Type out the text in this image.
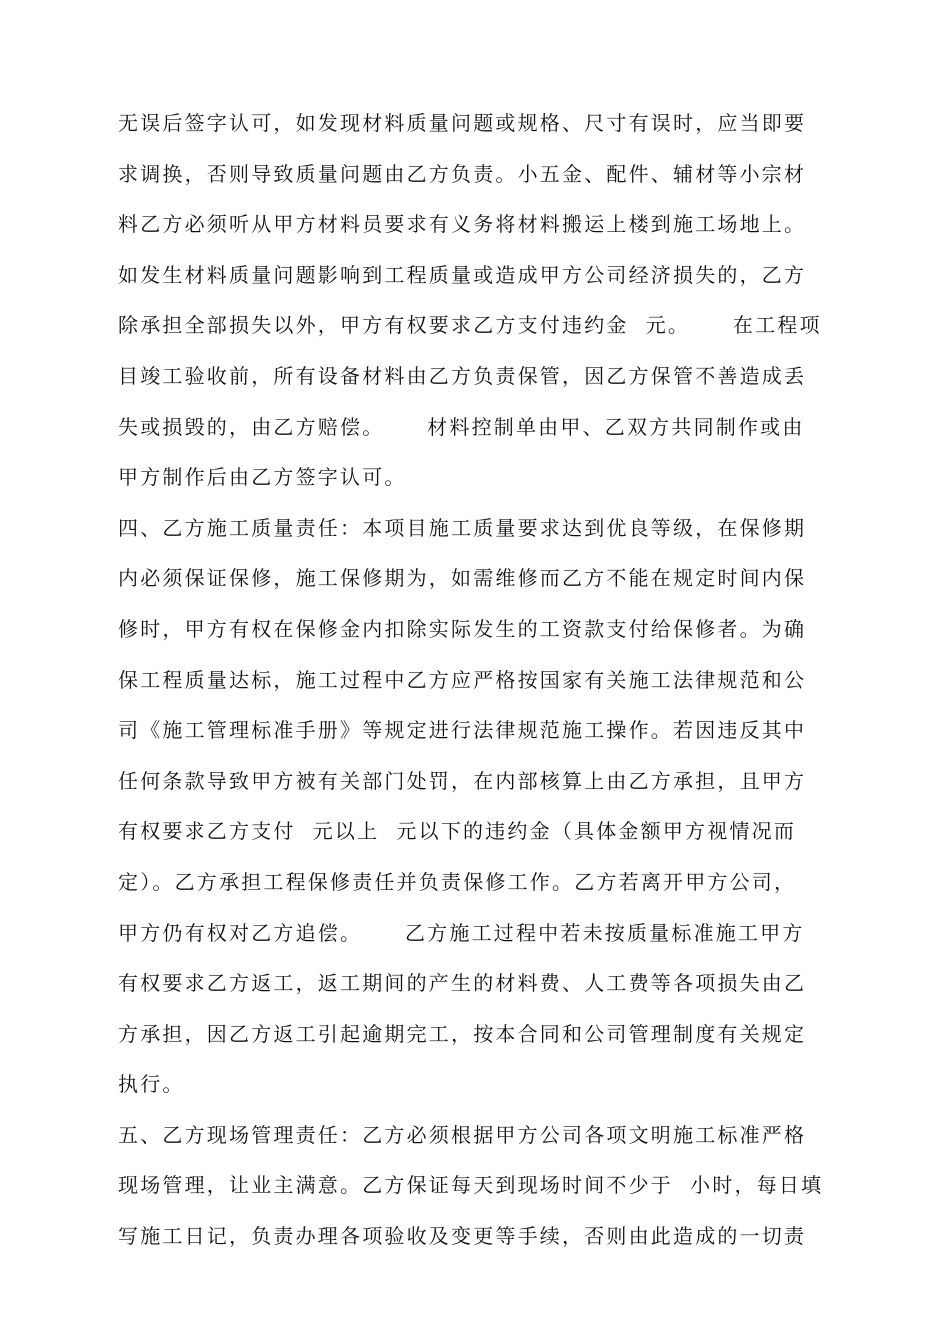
无误后签字认可，如发现材料质量问题或规格、尺寸有误时，应当即要
求调换，否则导致质量问题由乙方负责。小五金、配件、辅材等小宗材
料乙方必须听从甲方材料员要求有义务将材料搬运上楼到施工场地上。
如发生材料质量问题影响到工程质量或造成甲方公司经济损失的，乙方
除承担全部损失以外，甲方有权要求乙方支付违约金  元。     在工程项
目竣工验收前，所有设备材料由乙方负责保管，因乙方保管不善造成丢
失或损毁的，由乙方赔偿。     材料控制单由甲、乙双方共同制作或由
甲方制作后由乙方签字认可。
四、乙方施工质量责任：本项目施工质量要求达到优良等级，在保修期
内必须保证保修，施工保修期为，如需维修而乙方不能在规定时间内保
修时，甲方有权在保修金内扣除实际发生的工资款支付给保修者。为确
保工程质量达标，施工过程中乙方应严格按国家有关施工法律规范和公
司《施工管理标准手册》等规定进行法律规范施工操作。若因违反其中
任何条款导致甲方被有关部门处罚，在内部核算上由乙方承担，且甲方
有权要求乙方支付  元以上  元以下的违约金（具体金额甲方视情况而
定）。乙方承担工程保修责任并负责保修工作。乙方若离开甲方公司，
甲方仍有权对乙方追偿。     乙方施工过程中若未按质量标准施工甲方
有权要求乙方返工，返工期间的产生的材料费、人工费等各项损失由乙
方承担，因乙方返工引起逾期完工，按本合同和公司管理制度有关规定
执行。
五、乙方现场管理责任：乙方必须根据甲方公司各项文明施工标准严格
现场管理，让业主满意。乙方保证每天到现场时间不少于  小时，每日填
写施工日记，负责办理各项验收及变更等手续，否则由此造成的一切责
